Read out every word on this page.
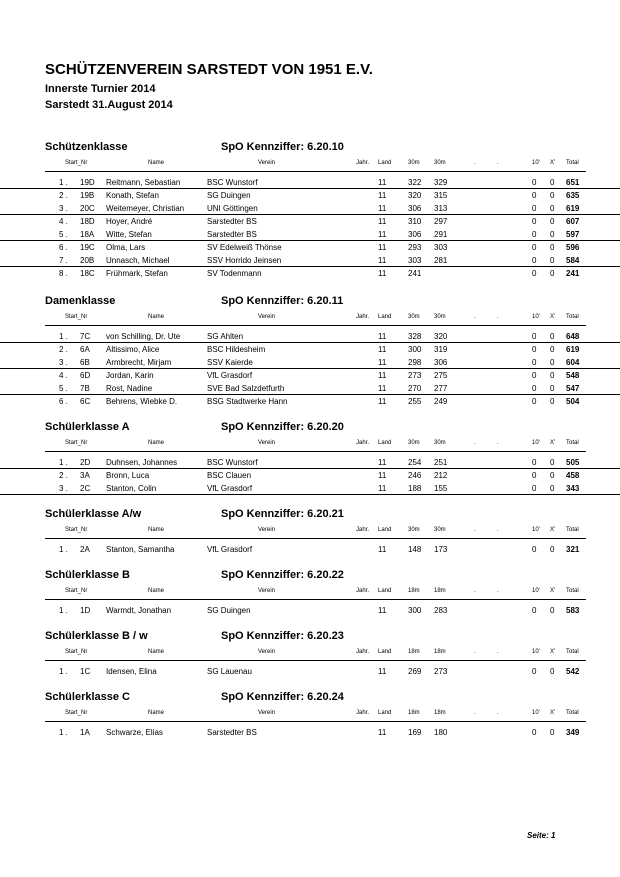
SCHÜTZENVEREIN SARSTEDT VON 1951 E.V.
Innerste Turnier 2014
Sarstedt 31.August 2014
Schützenklasse	SpO Kennziffer: 6.20.10
Start_Nr	Name	Verein	Jahr. Land	30m 30m	.	.	10' X' Total
1 . 19D Reitmann, Sebastian	BSC Wunstorf	11	322 329	0 0 651
2 . 19B Konath, Stefan	SG Duingen	11	320 315	0 0 635
3 . 20C Weitemeyer, Christian	UNI Göttingen	11	306 313	0 0 619
4 . 18D Hoyer, André	Sarstedter BS	11	310 297	0 0 607
5 . 18A Witte, Stefan	Sarstedter BS	11	306 291	0 0 597
6 . 19C Olma, Lars	SV Edelweiß Thönse	11	293 303	0 0 596
7 . 20B Unnasch, Michael	SSV Horrido Jeinsen	11	303 281	0 0 584
8 . 18C Frühmark, Stefan	SV Todenmann	11	241	0 0 241
Damenklasse	SpO Kennziffer: 6.20.11
Start_Nr	Name	Verein	Jahr. Land	30m 30m	.	.	10' X' Total
1 . 7C von Schilling, Dr. Ute	SG Ahlten	11	328 320	0 0 648
2 . 6A Altissimo, Alice	BSC Hildesheim	11	300 319	0 0 619
3 . 6B Armbrecht, Mirjam	SSV Kaierde	11	298 306	0 0 604
4 . 6D Jordan, Karin	VfL Grasdorf	11	273 275	0 0 548
5 . 7B Rost, Nadine	SVE Bad Salzdetfurth	11	270 277	0 0 547
6 . 6C Behrens, Wiebke D.	BSG Stadtwerke Hann	11	255 249	0 0 504
Schülerklasse A	SpO Kennziffer: 6.20.20
Start_Nr	Name	Verein	Jahr. Land	30m 30m	.	.	10' X' Total
1 . 2D Duhnsen, Johannes	BSC Wunstorf	11	254 251	0 0 505
2 . 3A Bronn, Luca	BSC Clauen	11	246 212	0 0 458
3 . 2C Stanton, Colin	VfL Grasdorf	11	188 155	0 0 343
Schülerklasse A/w	SpO Kennziffer: 6.20.21
Start_Nr	Name	Verein	Jahr. Land	30m 30m	.	.	10' X' Total
1 . 2A Stanton, Samantha	VfL Grasdorf	11	148 173	0 0 321
Schülerklasse B	SpO Kennziffer: 6.20.22
Start_Nr	Name	Verein	Jahr. Land	18m 18m	.	.	10' X' Total
1 . 1D Warmdt, Jonathan	SG Duingen	11	300 283	0 0 583
Schülerklasse B / w	SpO Kennziffer: 6.20.23
Start_Nr	Name	Verein	Jahr. Land	18m 18m	.	.	10' X' Total
1 . 1C Idensen, Elina	SG Lauenau	11	269 273	0 0 542
Schülerklasse C	SpO Kennziffer: 6.20.24
Start_Nr	Name	Verein	Jahr. Land	18m 18m	.	.	10' X' Total
1 . 1A Schwarze, Elias	Sarstedter BS	11	169 180	0 0 349
Seite: 1
